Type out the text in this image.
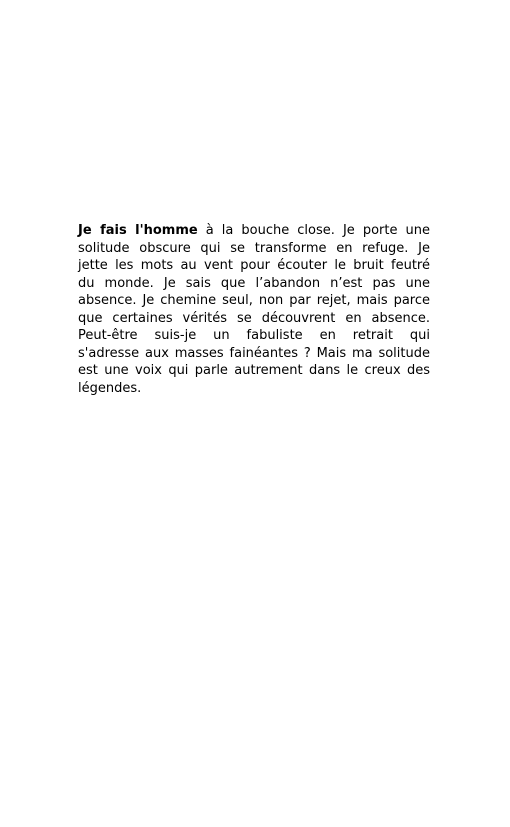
Je fais l'homme à la bouche close. Je porte une
solitude obscure qui se transforme en refuge. Je
jette les mots au vent pour écouter le bruit feutré
du monde. Je sais que l’abandon n’est pas une
absence. Je chemine seul, non par rejet, mais parce
que certaines vérités se découvrent en absence.
Peut-être suis-je un fabuliste en retrait qui
s'adresse aux masses fainéantes ? Mais ma solitude
est une voix qui parle autrement dans le creux des
légendes.
